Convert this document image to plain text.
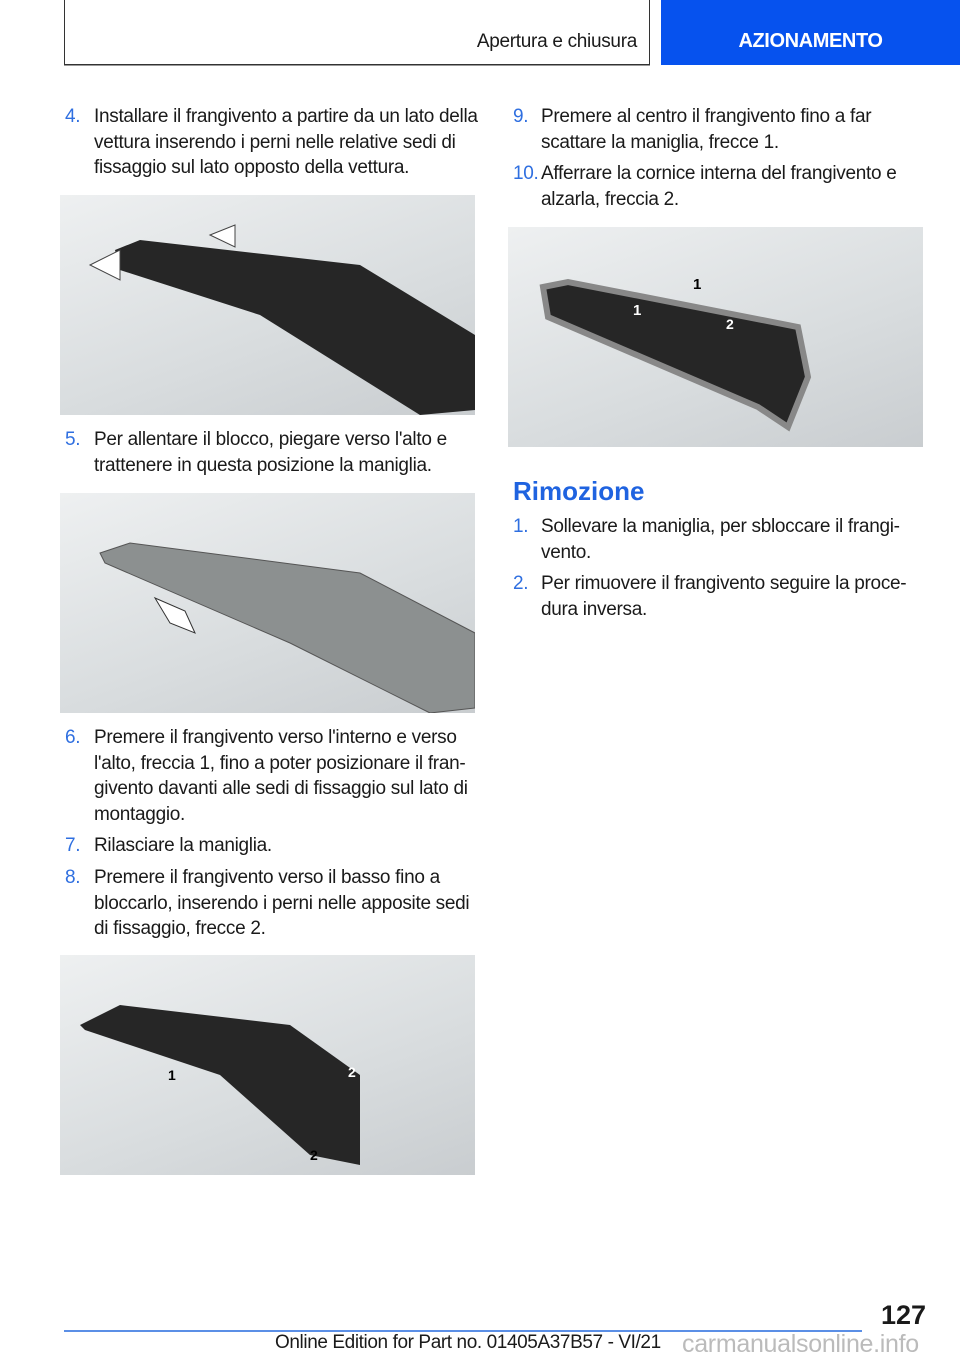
Apertura e chiusura	AZIONAMENTO
4. Installare il frangivento a partire da un lato della vettura inserendo i perni nelle relative sedi di fissaggio sul lato opposto della vettura.
5. Per allentare il blocco, piegare verso l'alto e trattenere in questa posizione la maniglia.
6. Premere il frangivento verso l'interno e verso l'alto, freccia 1, fino a poter posizionare il frangivento davanti alle sedi di fissaggio sul lato di montaggio.
7. Rilasciare la maniglia.
8. Premere il frangivento verso il basso fino a bloccarlo, inserendo i perni nelle apposite sedi di fissaggio, frecce 2.
1	2
2
9. Premere al centro il frangivento fino a far scattare la maniglia, frecce 1.
10. Afferrare la cornice interna del frangivento e alzarla, freccia 2.
1
1
2
Rimozione
1. Sollevare la maniglia, per sbloccare il frangivento.
2. Per rimuovere il frangivento seguire la procedura inversa.
127
Online Edition for Part no. 01405A37B57 - VI/21 carmanualsonline.info
